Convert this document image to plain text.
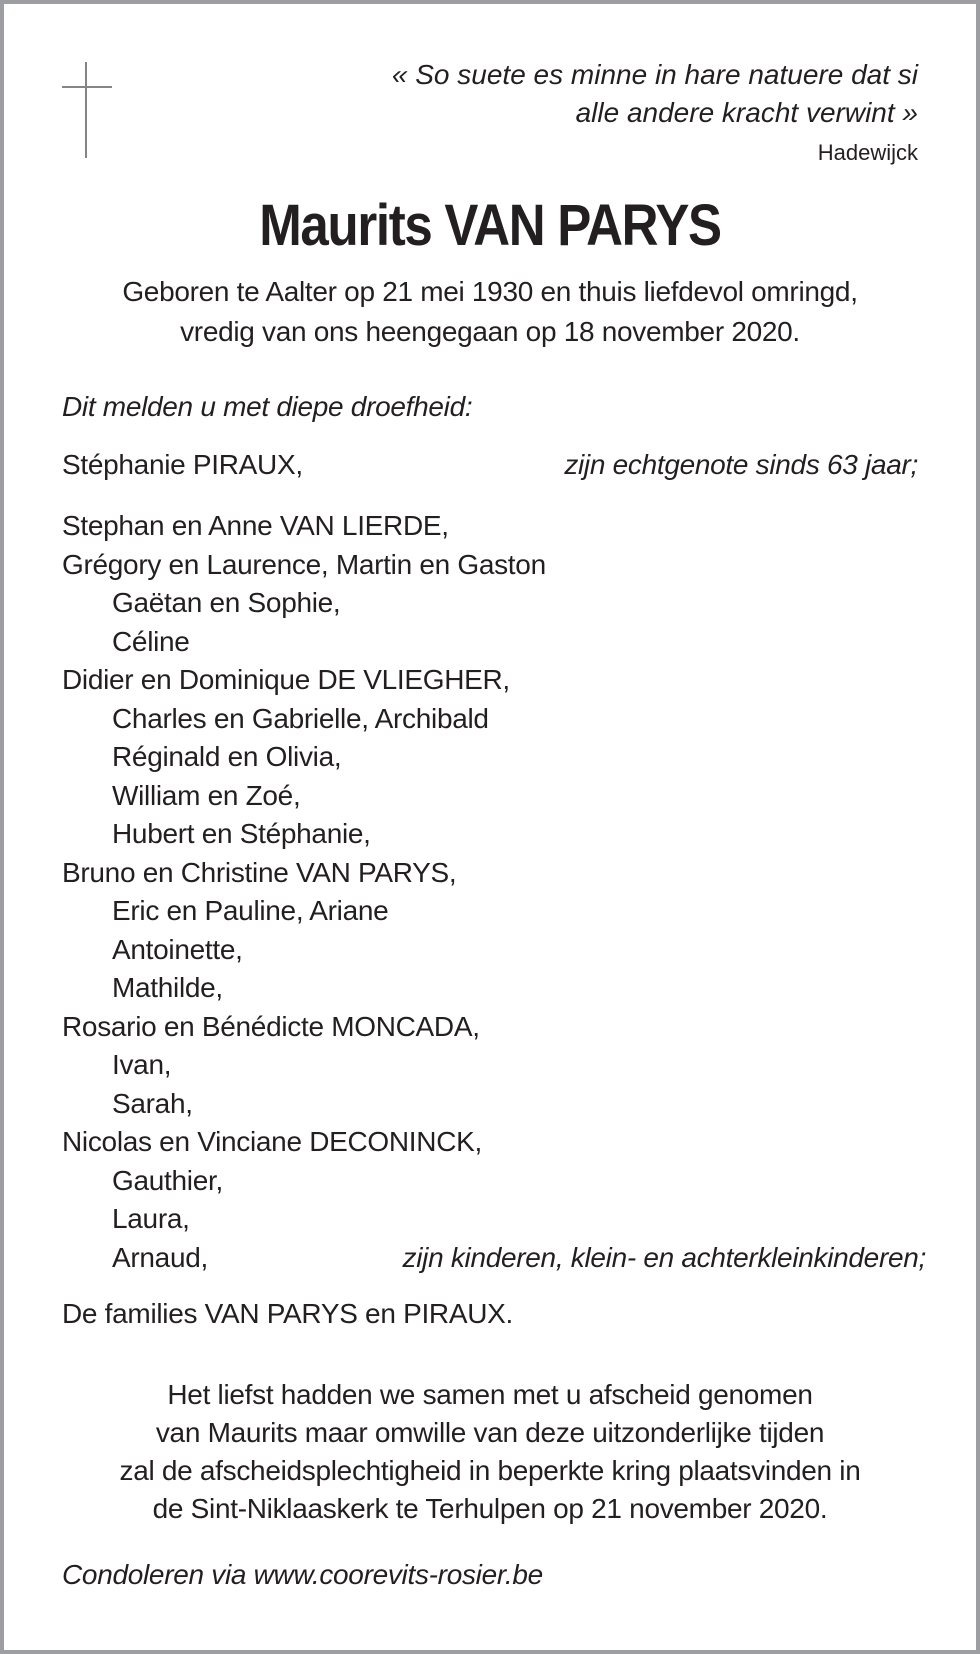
« So suete es minne in hare natuere dat si
alle andere kracht verwint »
Hadewijck
Maurits VAN PARYS
Geboren te Aalter op 21 mei 1930 en thuis liefdevol omringd,
vredig van ons heengegaan op 18 november 2020.
Dit melden u met diepe droefheid:
Stéphanie PIRAUX,	zijn echtgenote sinds 63 jaar;
Stephan en Anne VAN LIERDE,
Grégory en Laurence, Martin en Gaston
Gaëtan en Sophie,
Céline
Didier en Dominique DE VLIEGHER,
Charles en Gabrielle, Archibald
Réginald en Olivia,
William en Zoé,
Hubert en Stéphanie,
Bruno en Christine VAN PARYS,
Eric en Pauline, Ariane
Antoinette,
Mathilde,
Rosario en Bénédicte MONCADA,
Ivan,
Sarah,
Nicolas en Vinciane DECONINCK,
Gauthier,
Laura,
Arnaud,	zijn kinderen, klein- en achterkleinkinderen;
De families VAN PARYS en PIRAUX.
Het liefst hadden we samen met u afscheid genomen
van Maurits maar omwille van deze uitzonderlijke tijden
zal de afscheidsplechtigheid in beperkte kring plaatsvinden in
de Sint-Niklaaskerk te Terhulpen op 21 november 2020.
Condoleren via www.coorevits-rosier.be
